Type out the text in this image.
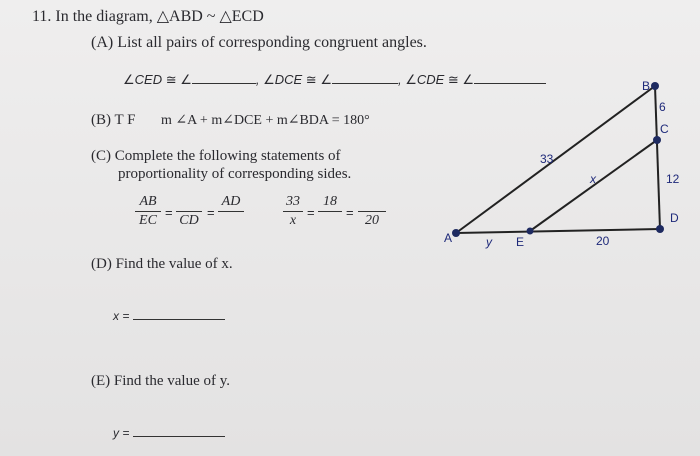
11. In the diagram, △ABD ~ △ECD
(A) List all pairs of corresponding congruent angles.
∠CED ≅ ∠	, ∠DCE ≅ ∠	, ∠CDE ≅ ∠
(B) T F m ∠A + m∠DCE + m∠BDA = 180°
(C) Complete the following statements of
proportionality of corresponding sides.
AB
EC
=
CD
=
AD	33
x
=
18
=
20
(D) Find the value of x.
x =
(E) Find the value of y.
y =
A
B
C
D
E
33
x
6
12
20
y
